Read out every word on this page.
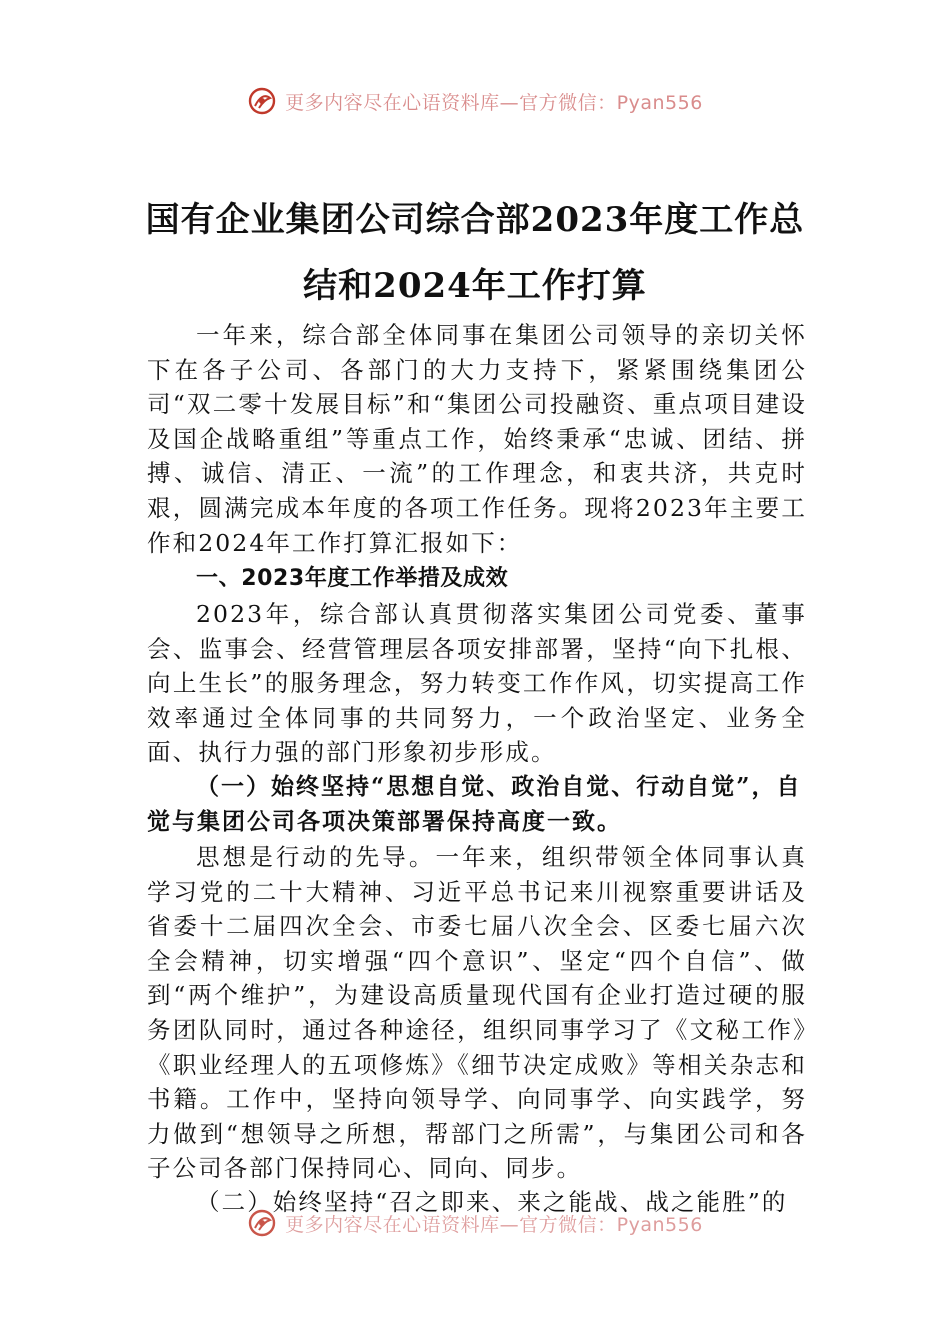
更多内容尽在心语资料库—官方微信：Pyan556
国有企业集团公司综合部2023年度工作总
结和2024年工作打算
一年来，综合部全体同事在集团公司领导的亲切关怀下在各子公司、各部门的大力支持下，紧紧围绕集团公司“双二零十发展目标”和“集团公司投融资、重点项目建设及国企战略重组”等重点工作，始终秉承“忠诚、团结、拼搏、诚信、清正、一流”的工作理念，和衷共济，共克时艰，圆满完成本年度的各项工作任务。现将2023年主要工作和2024年工作打算汇报如下：
一、2023年度工作举措及成效
2023年，综合部认真贯彻落实集团公司党委、董事会、监事会、经营管理层各项安排部署，坚持“向下扎根、向上生长”的服务理念，努力转变工作作风，切实提高工作效率通过全体同事的共同努力，一个政治坚定、业务全面、执行力强的部门形象初步形成。
（一）始终坚持“思想自觉、政治自觉、行动自觉”，自觉与集团公司各项决策部署保持高度一致。
思想是行动的先导。一年来，组织带领全体同事认真学习党的二十大精神、习近平总书记来川视察重要讲话及省委十二届四次全会、市委七届八次全会、区委七届六次全会精神，切实增强“四个意识”、坚定“四个自信”、做到“两个维护”，为建设高质量现代国有企业打造过硬的服务团队同时，通过各种途径，组织同事学习了《文秘工作》《职业经理人的五项修炼》《细节决定成败》等相关杂志和书籍。工作中，坚持向领导学、向同事学、向实践学，努力做到“想领导之所想，帮部门之所需”，与集团公司和各子公司各部门保持同心、同向、同步。
（二）始终坚持“召之即来、来之能战、战之能胜”的
更多内容尽在心语资料库—官方微信：Pyan556
